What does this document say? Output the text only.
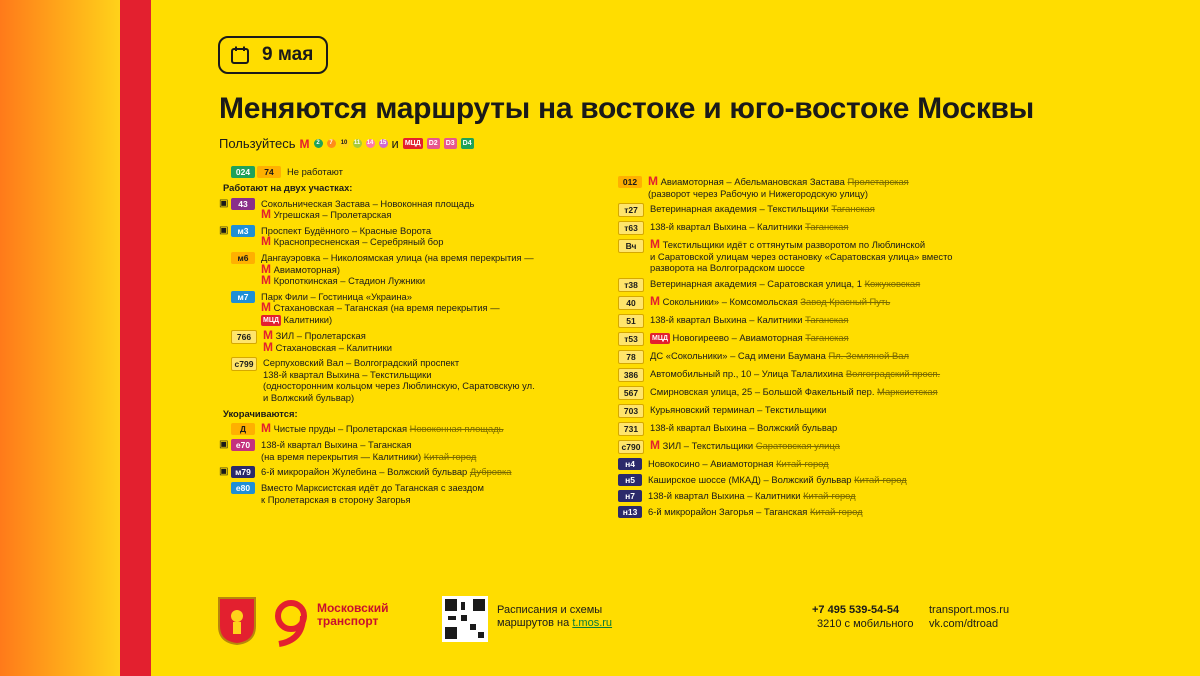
9 мая
Меняются маршруты на востоке и юго-востоке Москвы
Пользуйтесь М	2	7	10 11 14 15 и МЦД D2 D3 D4
024	74	Не работают
Работают на двух участках:
▣	43	Сокольническая Застава – Новоконная площадь
М Угрешская – Пролетарская
▣	м3	Проспект Будённого – Красные Ворота
М Краснопресненская – Серебряный бор
м6	Дангауэровка – Николоямская улица (на время перекрытия —
М Авиамоторная)
М Кропоткинская – Стадион Лужники
м7	Парк Фили – Гостиница «Украина»
М Стахановская – Таганская (на время перекрытия —
МЦД Калитники)
766 М ЗИЛ – Пролетарская
М Стахановская – Калитники
с799	Серпуховский Вал – Волгоградский проспект
138-й квартал Выхина – Текстильщики
(односторонним кольцом через Люблинскую, Саратовскую ул.
и Волжский бульвар)
Укорачиваются:
Д	М Чистые пруды – Пролетарская Новоконная площадь
▣ е70	138-й квартал Выхина – Таганская
(на время перекрытия — Калитники) Китай-город
▣ м79	6-й микрорайон Жулебина – Волжский бульвар Дубровка
е80	Вместо Марксистская идёт до Таганская с заездом
к Пролетарская в сторону Загорья
012 М Авиамоторная – Абельмановская Застава Пролетарская
(разворот через Рабочую и Нижегородскую улицу)
т27	Ветеринарная академия – Текстильщики Таганская
т63	138-й квартал Выхина – Калитники Таганская
Вч	М Текстильщики идёт с оттянутым разворотом по Люблинской
и Саратовской улицам через остановку «Саратовская улица» вместо
разворота на Волгоградском шоссе
т38	Ветеринарная академия – Саратовская улица, 1 Кожуховская
40	М Сокольники» – Комсомольская Завод Красный Путь
51	138-й квартал Выхина – Калитники Таганская
т53	МЦД Новогиреево – Авиамоторная Таганская
78	ДС «Сокольники» – Сад имени Баумана Пл. Земляной Вал
386	Автомобильный пр., 10 – Улица Талалихина Волгоградский просп.
567	Смирновская улица, 25 – Большой Факельный пер. Марксистская
703	Курьяновский терминал – Текстильщики
731	138-й квартал Выхина – Волжский бульвар
с790 М ЗИЛ – Текстильщики Саратовская улица
н4	Новокосино – Авиамоторная Китай-город
н5	Каширское шоссе (МКАД) – Волжский бульвар Китай-город
н7	138-й квартал Выхина – Калитники Китай-город
н13	6-й микрорайон Загорья – Таганская Китай-город
Московский
транспорт
Расписания и схемы
маршрутов на t.mos.ru
+7 495 539-54-54
3210 с мобильного
transport.mos.ru
vk.com/dtroad
